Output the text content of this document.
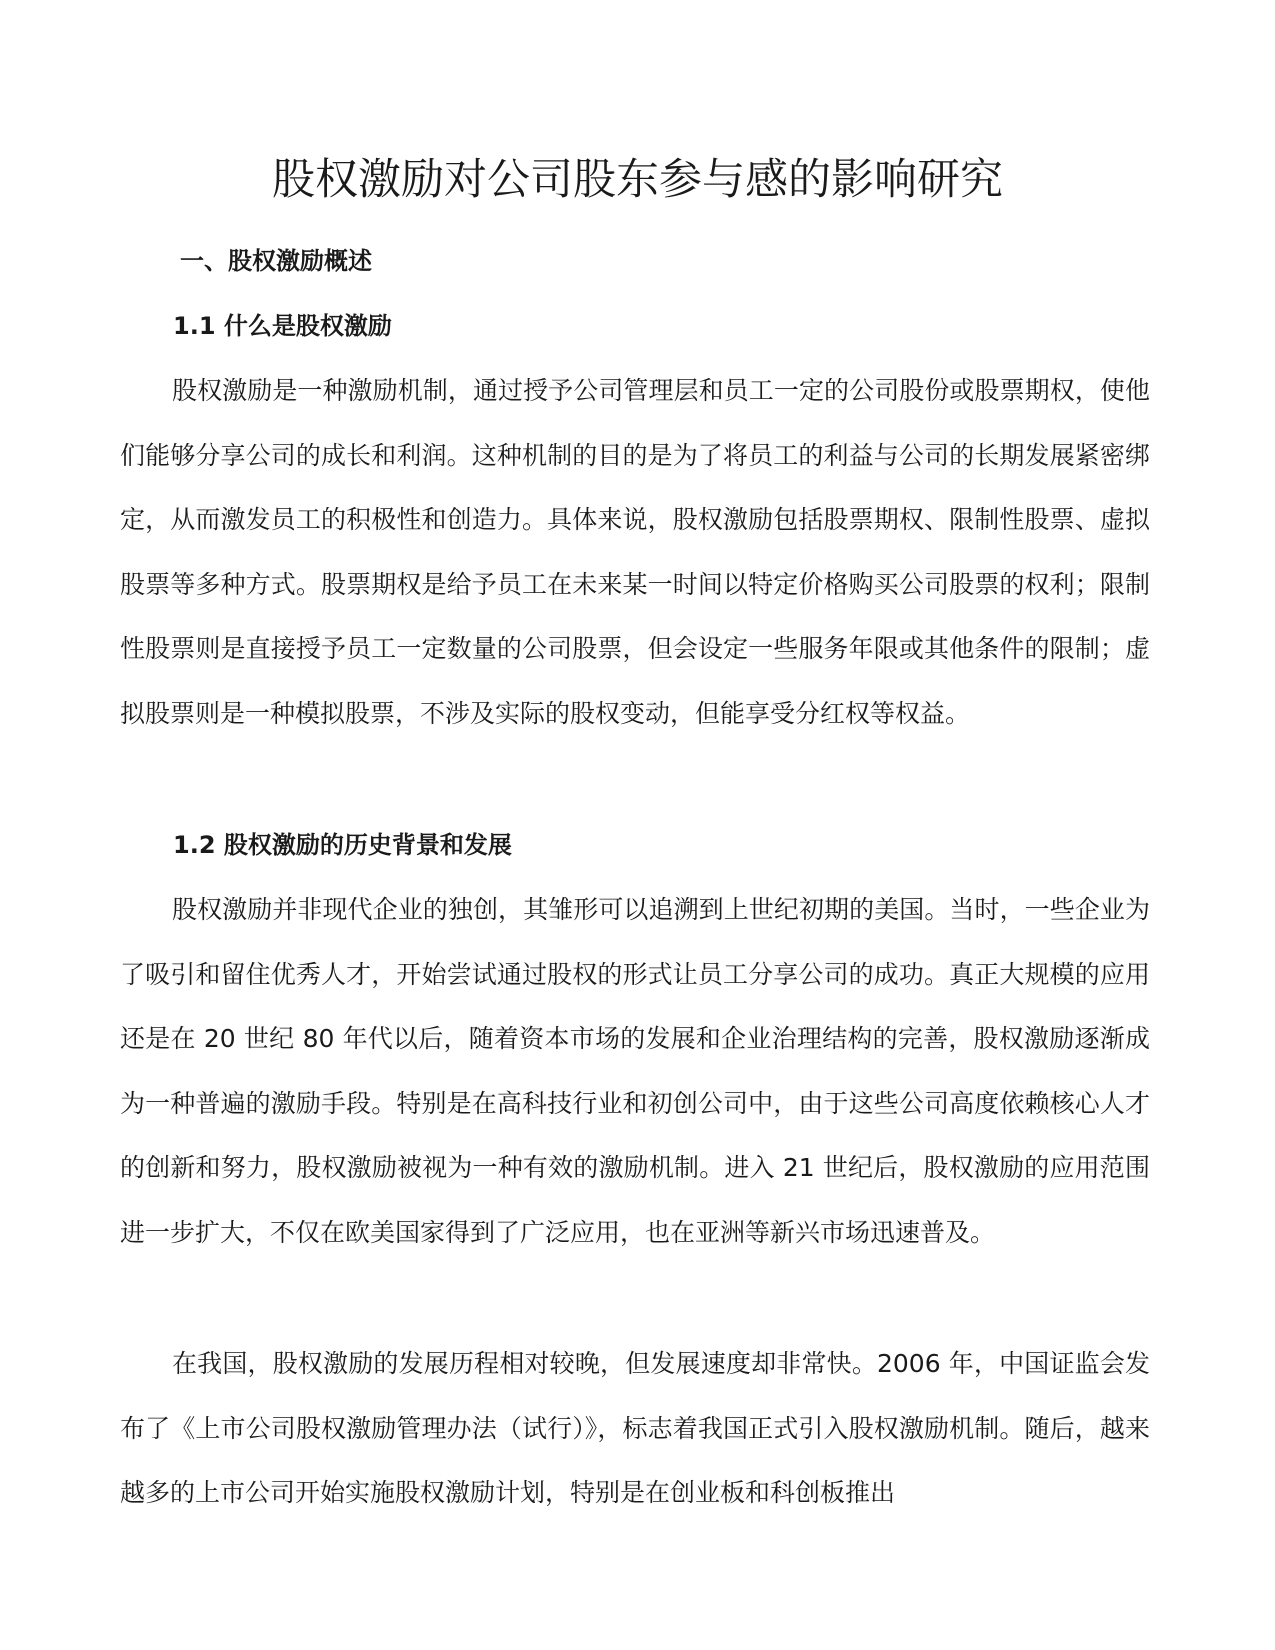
股权激励对公司股东参与感的影响研究
一、股权激励概述
1.1 什么是股权激励

股权激励是一种激励机制，通过授予公司管理层和员工一定的公司股份或股票期权，使他们能够分享公司的成长和利润。这种机制的目的是为了将员工的利益与公司的长期发展紧密绑定，从而激发员工的积极性和创造力。具体来说，股权激励包括股票期权、限制性股票、虚拟股票等多种方式。股票期权是给予员工在未来某一时间以特定价格购买公司股票的权利；限制性股票则是直接授予员工一定数量的公司股票，但会设定一些服务年限或其他条件的限制；虚拟股票则是一种模拟股票，不涉及实际的股权变动，但能享受分红权等权益。

1.2 股权激励的历史背景和发展

股权激励并非现代企业的独创，其雏形可以追溯到上世纪初期的美国。当时，一些企业为了吸引和留住优秀人才，开始尝试通过股权的形式让员工分享公司的成功。真正大规模的应用还是在 20 世纪 80 年代以后，随着资本市场的发展和企业治理结构的完善，股权激励逐渐成为一种普遍的激励手段。特别是在高科技行业和初创公司中，由于这些公司高度依赖核心人才的创新和努力，股权激励被视为一种有效的激励机制。进入 21 世纪后，股权激励的应用范围进一步扩大，不仅在欧美国家得到了广泛应用，也在亚洲等新兴市场迅速普及。

在我国，股权激励的发展历程相对较晚，但发展速度却非常快。2006 年，中国证监会发布了《上市公司股权激励管理办法（试行）》，标志着我国正式引入股权激励机制。随后，越来越多的上市公司开始实施股权激励计划，特别是在创业板和科创板推出
